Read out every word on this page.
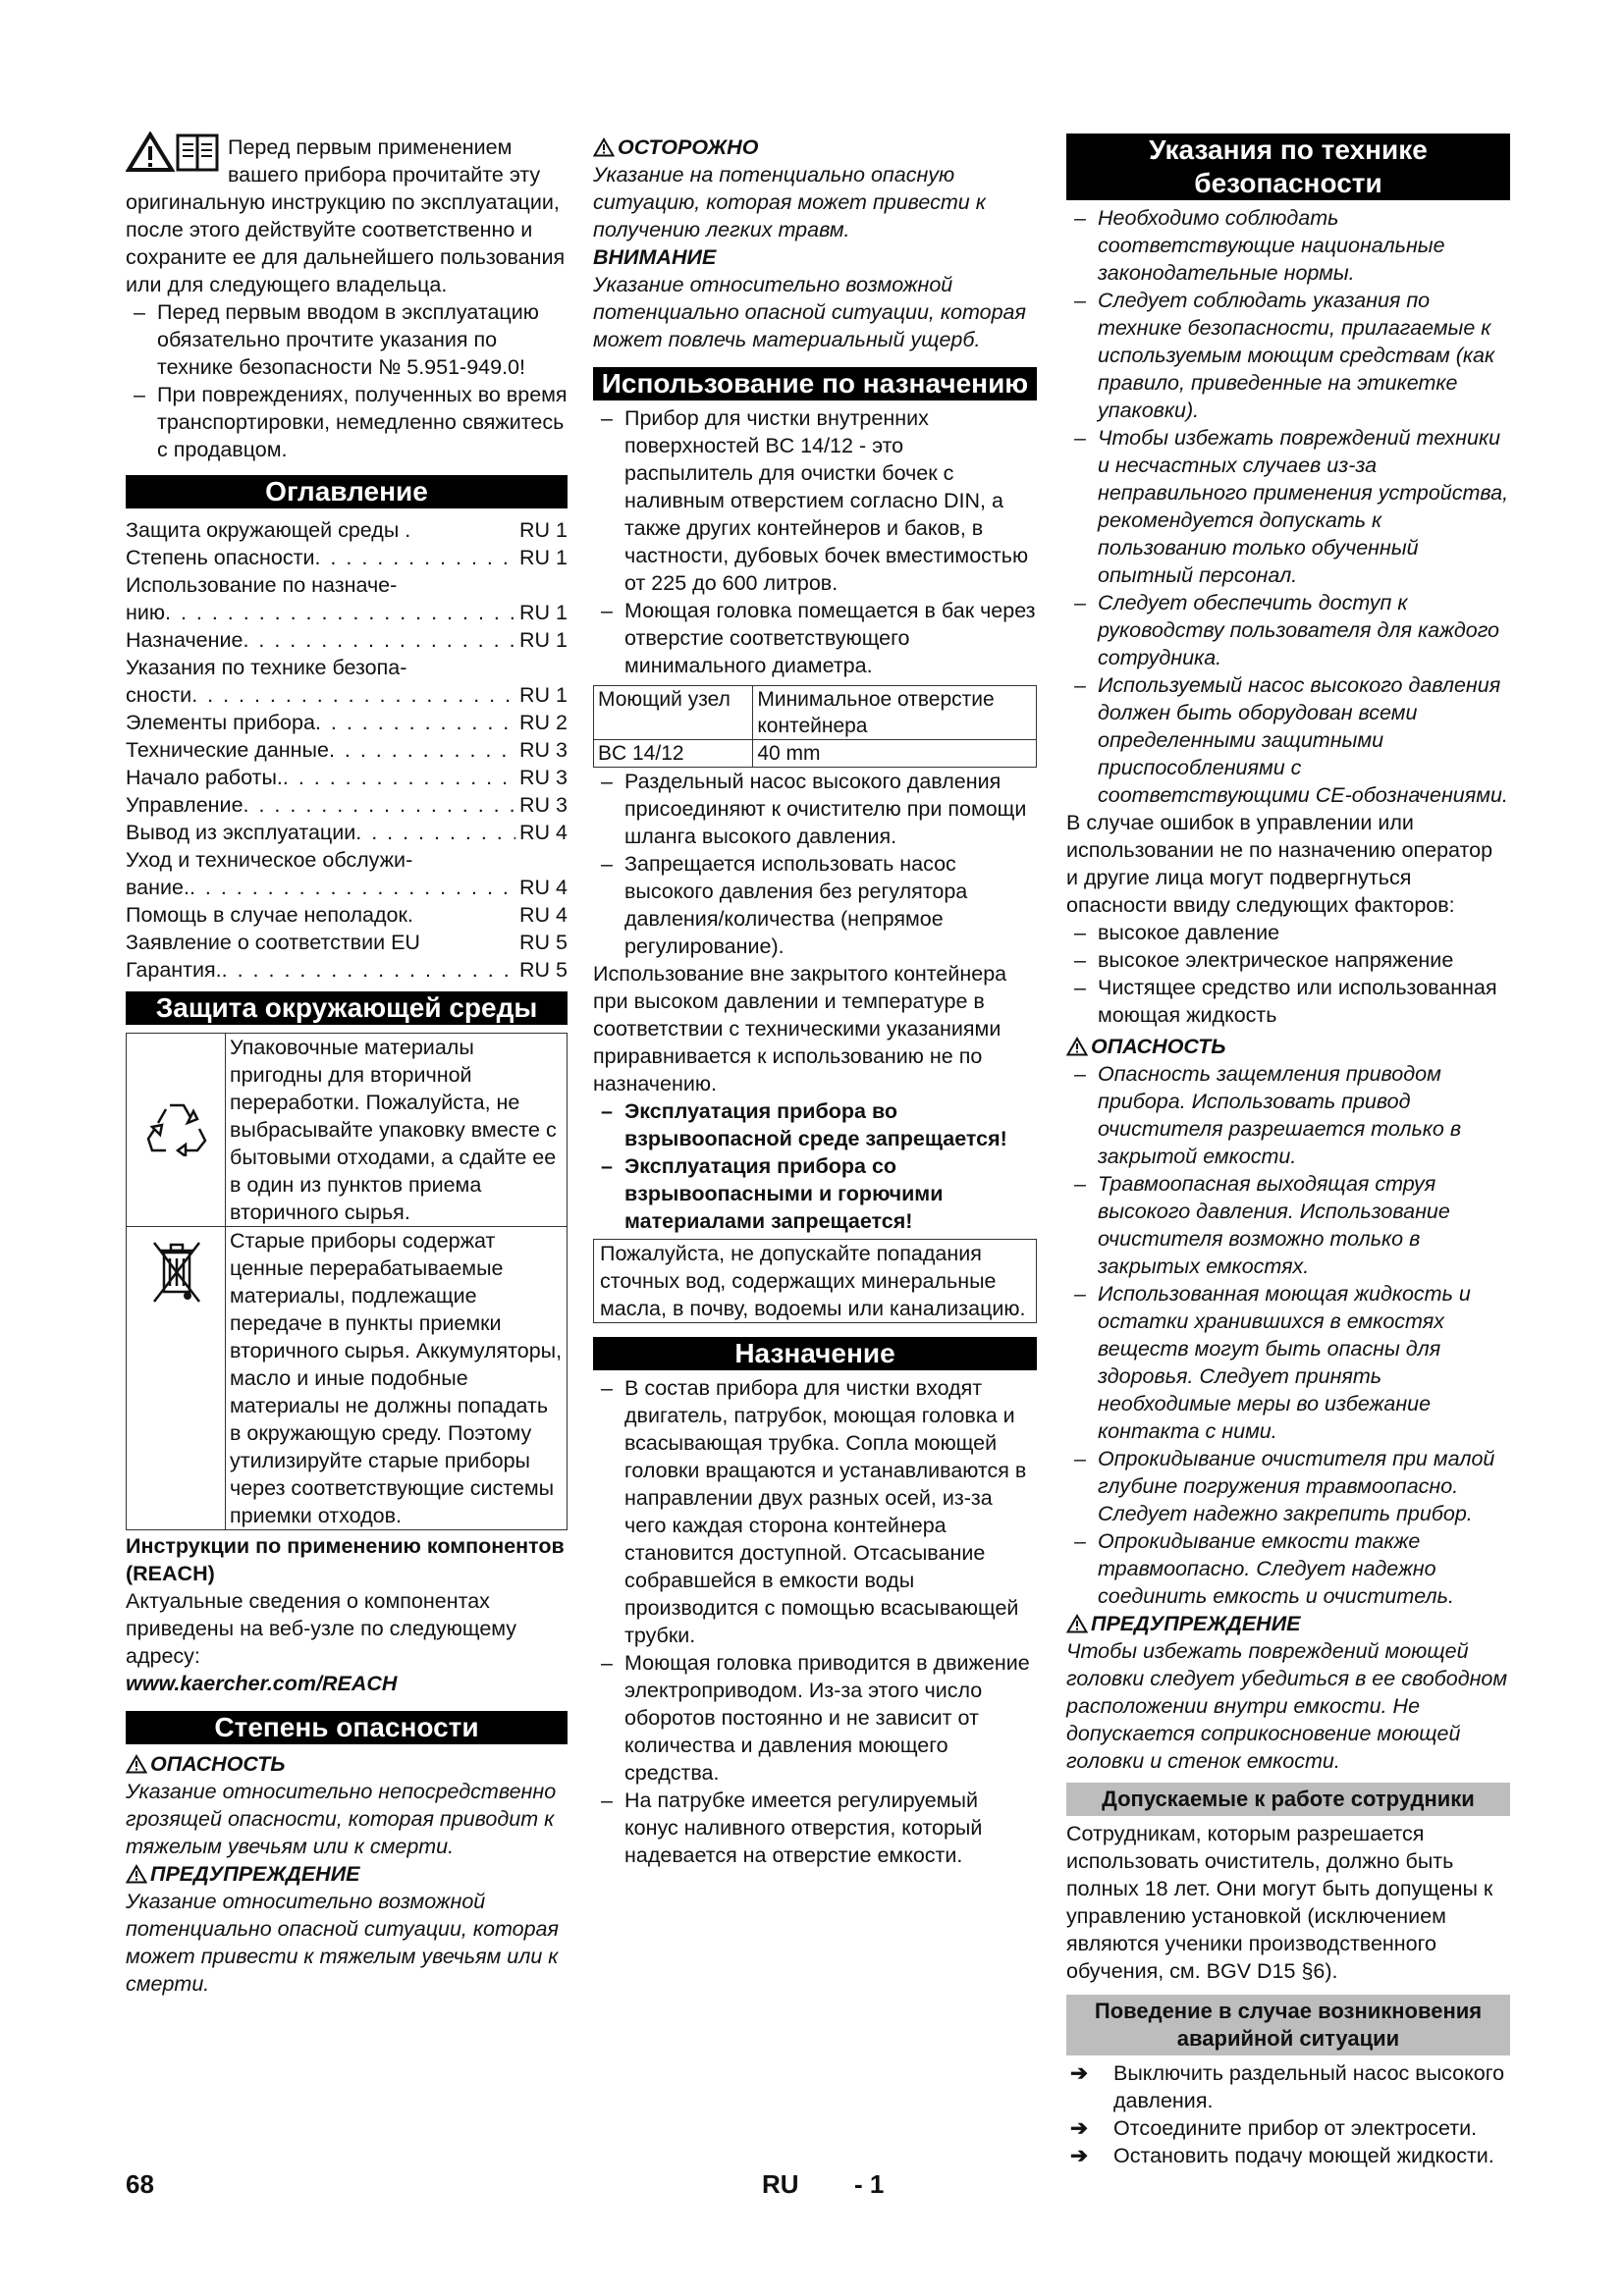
Перед первым применением вашего прибора прочитайте эту оригинальную инструкцию по эксплуатации, после этого действуйте соответственно и сохраните ее для дальнейшего пользования или для следующего владельца.

– Перед первым вводом в эксплуатацию обязательно прочтите указания по технике безопасности № 5.951-949.0!
– При повреждениях, полученных во время транспортировки, немедленно свяжитесь с продавцом.
Оглавление
Защита окружающей среды .	RU 1
Степень опасности . . .	RU 1
Использование по назначе-
нию . . .	RU 1
Назначение . . .	RU 1
Указания по технике безопа-
сности . . .	RU 1
Элементы прибора . . .	RU 2
Технические данные . . .	RU 3
Начало работы. . . .	RU 3
Управление . . .	RU 3
Вывод из эксплуатации . . .	RU 4
Уход и техническое обслужи-
вание. . . .	RU 4
Помощь в случае неполадок.	RU 4
Заявление о соответствии EU	RU 5
Гарантия. . . .	RU 5
Защита окружающей среды
	Упаковочные материалы пригодны для вторичной переработки. Пожалуйста, не выбрасывайте упаковку вместе с бытовыми отходами, а сдайте ее в один из пунктов приема вторичного сырья.
	Старые приборы содержат ценные перерабатываемые материалы, подлежащие передаче в пункты приемки вторичного сырья. Аккумуляторы, масло и иные подобные материалы не должны попадать в окружающую среду. Поэтому утилизируйте старые приборы через соответствующие системы приемки отходов.

Инструкции по применению компонентов (REACH)

Актуальные сведения о компонентах приведены на веб-узле по следующему адресу:

www.kaercher.com/REACH

Степень опасности
ОПАСНОСТЬ

Указание относительно непосредственно грозящей опасности, которая приводит к тяжелым увечьям или к смерти.

ПРЕДУПРЕЖДЕНИЕ

Указание относительно возможной потенциально опасной ситуации, которая может привести к тяжелым увечьям или к смерти.

ОСТОРОЖНО

Указание на потенциально опасную ситуацию, которая может привести к получению легких травм.

ВНИМАНИЕ

Указание относительно возможной потенциально опасной ситуации, которая может повлечь материальный ущерб.

Использование по назначению
– Прибор для чистки внутренних поверхностей BC 14/12 - это распылитель для очистки бочек с наливным отверстием согласно DIN, а также других контейнеров и баков, в частности, дубовых бочек вместимостью от 225 до 600 литров.
– Моющая головка помещается в бак через отверстие соответствующего минимального диаметра.
Моющий узел	Минимальное отверстие контейнера
BC 14/12	40 mm
– Раздельный насос высокого давления присоединяют к очистителю при помощи шланга высокого давления.
– Запрещается использовать насос высокого давления без регулятора давления/количества (непрямое регулирование).

Использование вне закрытого контейнера при высоком давлении и температуре в соответствии с техническими указаниями приравнивается к использованию не по назначению.

– Эксплуатация прибора во взрывоопасной среде запрещается!
– Эксплуатация прибора со взрывоопасными и горючими материалами запрещается!
Пожалуйста, не допускайте попадания сточных вод, содержащих минеральные масла, в почву, водоемы или канализацию.
Назначение
– В состав прибора для чистки входят двигатель, патрубок, моющая головка и всасывающая трубка. Сопла моющей головки вращаются и устанавливаются в направлении двух разных осей, из-за чего каждая сторона контейнера становится доступной. Отсасывание собравшейся в емкости воды производится с помощью всасывающей трубки.
– Моющая головка приводится в движение электроприводом. Из-за этого число оборотов постоянно и не зависит от количества и давления моющего средства.
– На патрубке имеется регулируемый конус наливного отверстия, который надевается на отверстие емкости.
Указания по технике безопасности
– Необходимо соблюдать соответствующие национальные законодательные нормы.
– Следует соблюдать указания по технике безопасности, прилагаемые к используемым моющим средствам (как правило, приведенные на этикетке упаковки).
– Чтобы избежать повреждений техники и несчастных случаев из-за неправильного применения устройства, рекомендуется допускать к пользованию только обученный опытный персонал.
– Следует обеспечить доступ к руководству пользователя для каждого сотрудника.
– Используемый насос высокого давления должен быть оборудован всеми определенными защитными приспособлениями с соответствующими CE-обозначениями.

В случае ошибок в управлении или использовании не по назначению оператор и другие лица могут подвергнуться опасности ввиду следующих факторов:

– высокое давление
– высокое электрическое напряжение
– Чистящее средство или использованная моющая жидкость
ОПАСНОСТЬ
– Опасность защемления приводом прибора. Использовать привод очистителя разрешается только в закрытой емкости.
– Травмоопасная выходящая струя высокого давления. Использование очистителя возможно только в закрытых емкостях.
– Использованная моющая жидкость и остатки хранившихся в емкостях веществ могут быть опасны для здоровья. Следует принять необходимые меры во избежание контакта с ними.
– Опрокидывание очистителя при малой глубине погружения травмоопасно. Следует надежно закрепить прибор.
– Опрокидывание емкости также травмоопасно. Следует надежно соединить емкость и очиститель.
ПРЕДУПРЕЖДЕНИЕ

Чтобы избежать повреждений моющей головки следует убедиться в ее свободном расположении внутри емкости. Не допускается соприкосновение моющей головки и стенок емкости.

Допускаемые к работе сотрудники

Сотрудникам, которым разрешается использовать очиститель, должно быть полных 18 лет. Они могут быть допущены к управлению установкой (исключением являются ученики производственного обучения, см. BGV D15 §6).

Поведение в случае возникновения аварийной ситуации
➔ Выключить раздельный насос высокого давления.
➔ Отсоедините прибор от электросети.
➔ Остановить подачу моющей жидкости.
68	RU - 1
